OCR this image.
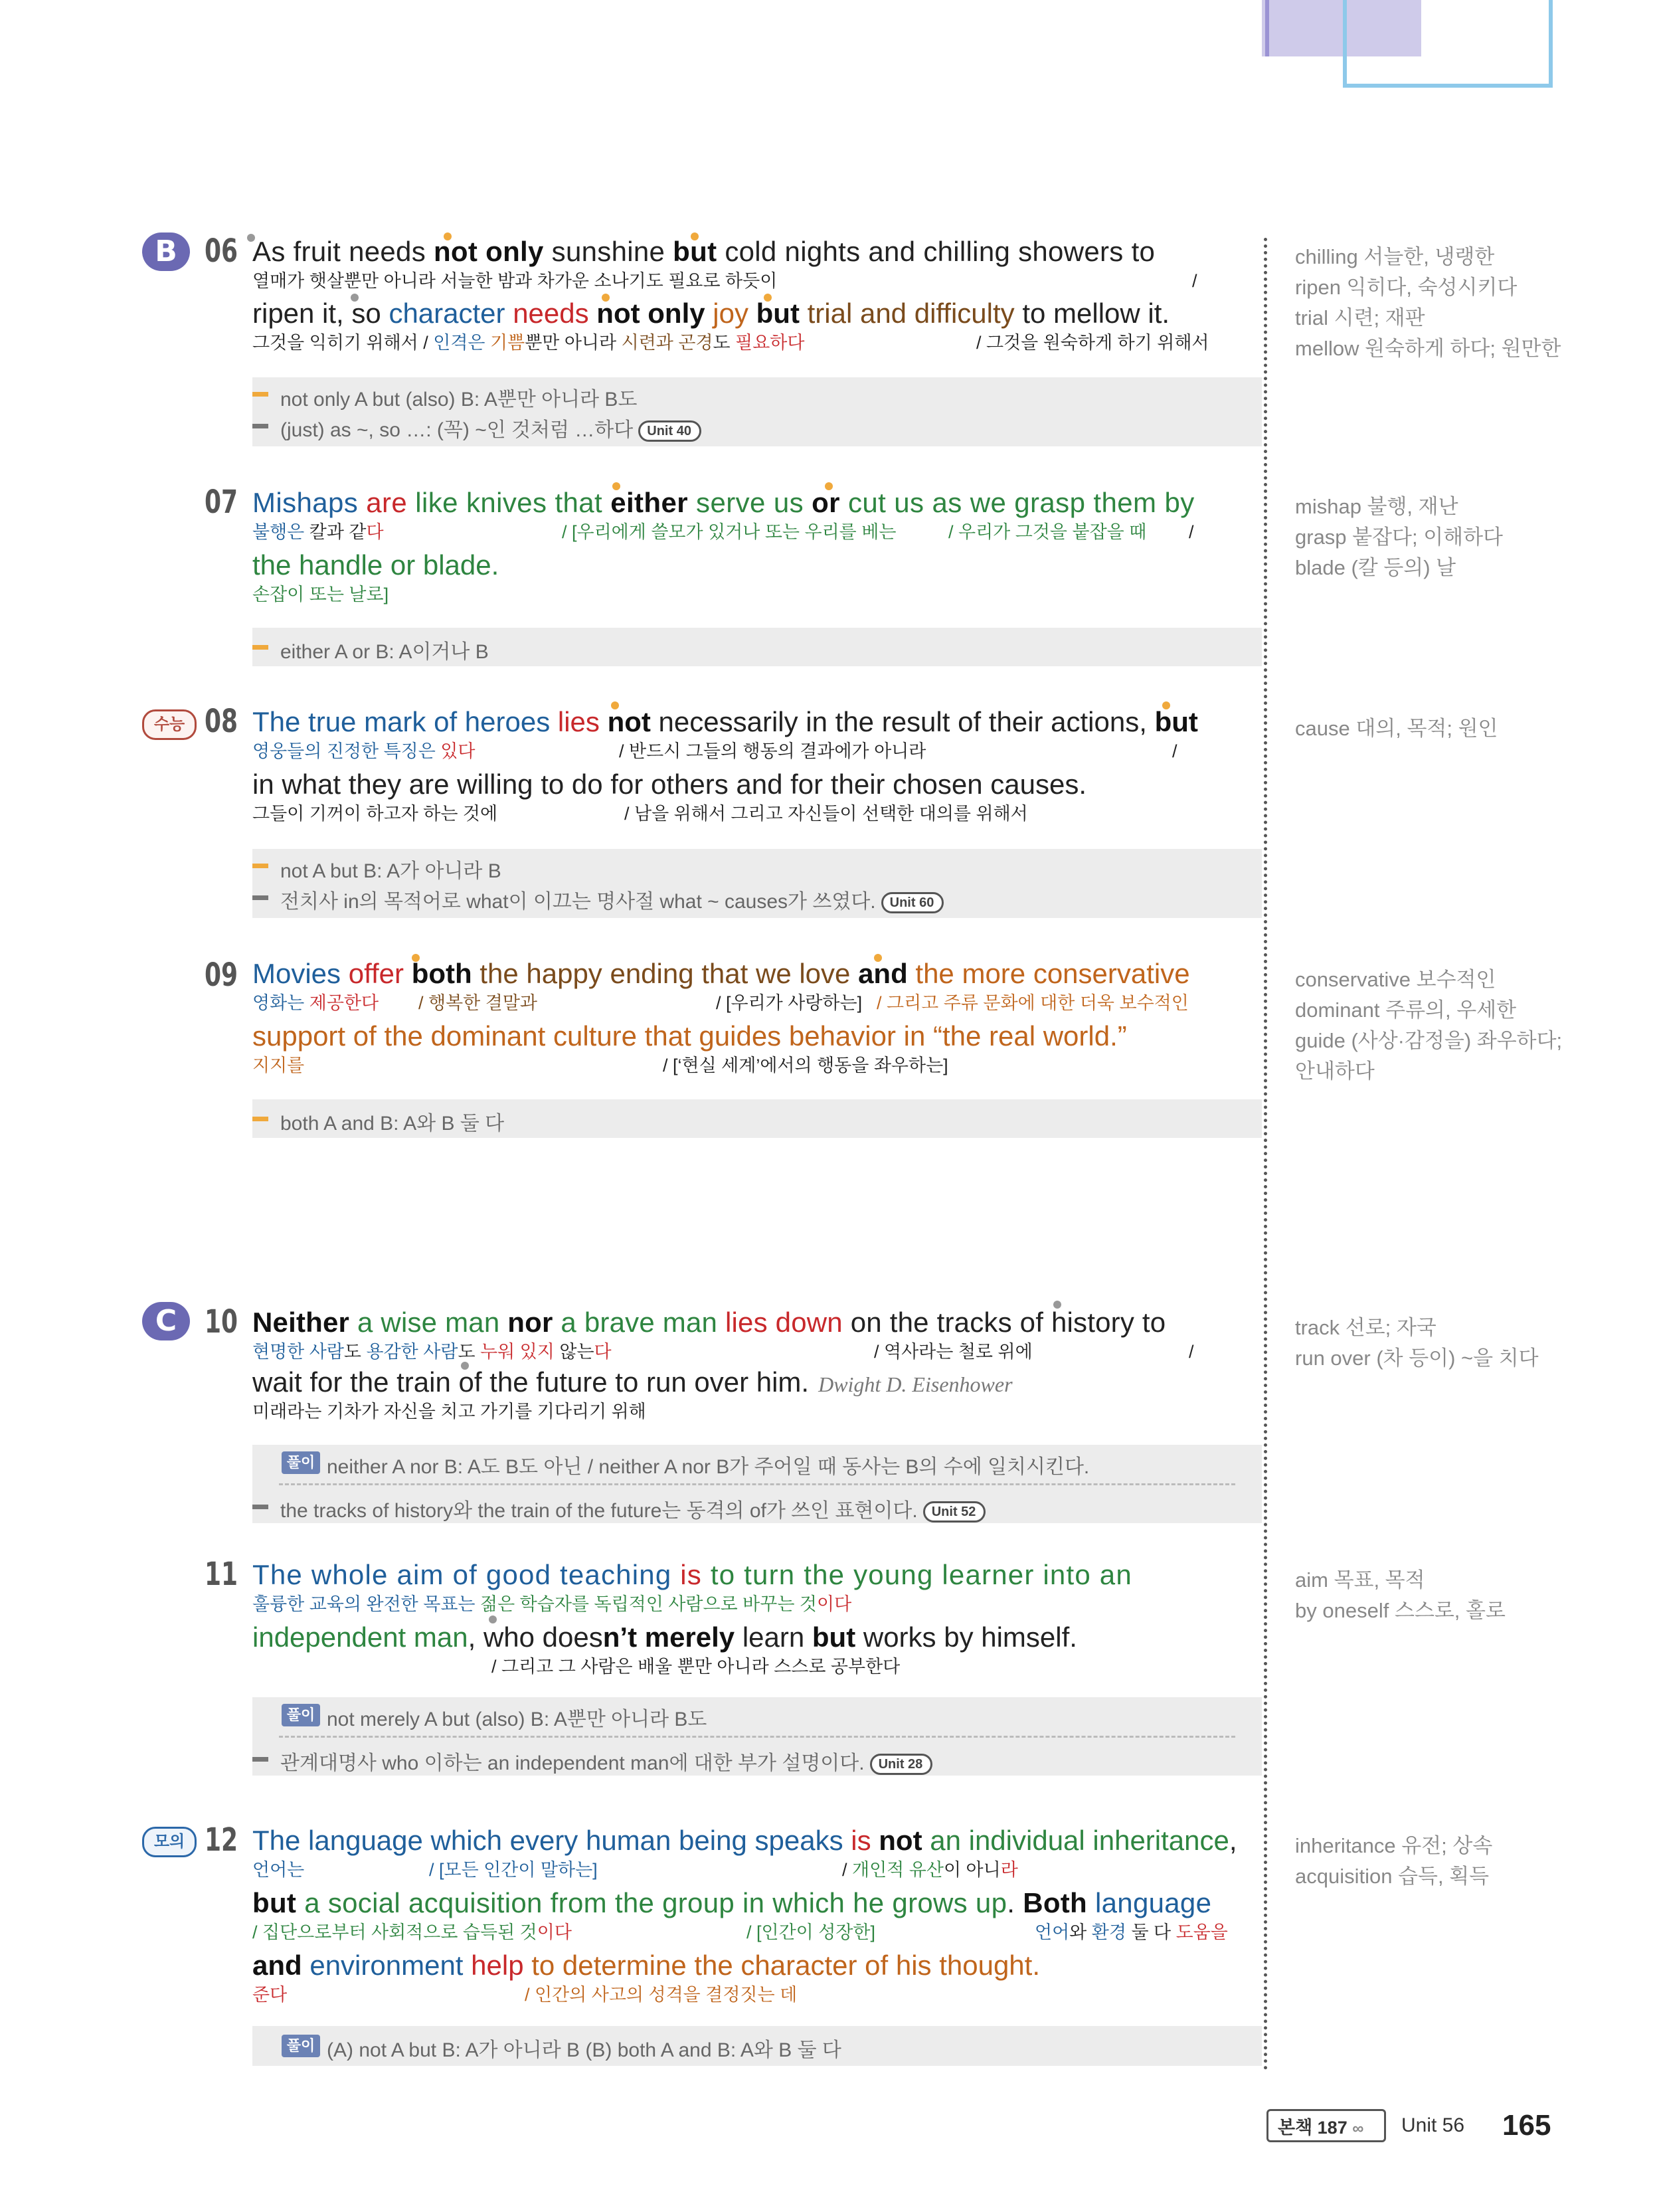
B 06 As fruit needs not only sunshine but cold nights and chilling showers to
열매가 햇살뿐만 아니라 서늘한 밤과 차가운 소나기도 필요로 하듯이	/
ripen it, so character needs not only joy but trial and difficulty to mellow it.
그것을 익히기 위해서 / 인격은 기쁨뿐만 아니라 시련과 곤경도 필요하다	/ 그것을 원숙하게 하기 위해서
not only A but (also) B: A뿐만 아니라 B도
(just) as ~, so …: (꼭) ~인 것처럼 …하다 Unit 40
chilling 서늘한, 냉랭한
ripen 익히다, 숙성시키다
trial 시련; 재판
mellow 원숙하게 하다; 원만한
07 Mishaps are like knives that either serve us or cut us as we grasp them by
불행은 칼과 같다	/ [우리에게 쓸모가 있거나 또는 우리를 베는	/ 우리가 그것을 붙잡을 때 /
the handle or blade.
손잡이 또는 날로]
either A or B: A이거나 B
mishap 불행, 재난
grasp 붙잡다; 이해하다
blade (칼 등의) 날
수능 08 The true mark of heroes lies not necessarily in the result of their actions, but
영웅들의 진정한 특징은 있다	/ 반드시 그들의 행동의 결과에가 아니라	/
in what they are willing to do for others and for their chosen causes.
그들이 기꺼이 하고자 하는 것에	/ 남을 위해서 그리고 자신들이 선택한 대의를 위해서
not A but B: A가 아니라 B
전치사 in의 목적어로 what이 이끄는 명사절 what ~ causes가 쓰였다. Unit 60
cause 대의, 목적; 원인
09 Movies offer both the happy ending that we love and the more conservative
영화는 제공한다 / 행복한 결말과	/ [우리가 사랑하는] / 그리고 주류 문화에 대한 더욱 보수적인
support of the dominant culture that guides behavior in “the real world.”
지지를	/ [‘현실 세계’에서의 행동을 좌우하는]
both A and B: A와 B 둘 다
conservative 보수적인
dominant 주류의, 우세한
guide (사상·감정을) 좌우하다;
안내하다
C 10 Neither a wise man nor a brave man lies down on the tracks of history to
현명한 사람도 용감한 사람도 누워 있지 않는다	/ 역사라는 철로 위에	/
wait for the train of the future to run over him. Dwight D. Eisenhower
미래라는 기차가 자신을 치고 가기를 기다리기 위해
풀이 neither A nor B: A도 B도 아닌 / neither A nor B가 주어일 때 동사는 B의 수에 일치시킨다.
the tracks of history와 the train of the future는 동격의 of가 쓰인 표현이다. Unit 52
track 선로; 자국
run over (차 등이) ~을 치다
11 The whole aim of good teaching is to turn the young learner into an
훌륭한 교육의 완전한 목표는 젊은 학습자를 독립적인 사람으로 바꾸는 것이다
independent man, who doesn’t merely learn but works by himself.
/ 그리고 그 사람은 배울 뿐만 아니라 스스로 공부한다
풀이 not merely A but (also) B: A뿐만 아니라 B도
관계대명사 who 이하는 an independent man에 대한 부가 설명이다. Unit 28
aim 목표, 목적
by oneself 스스로, 홀로
모의 12 The language which every human being speaks is not an individual inheritance,
언어는	/ [모든 인간이 말하는]	/ 개인적 유산이 아니라
but a social acquisition from the group in which he grows up. Both language
/ 집단으로부터 사회적으로 습득된 것이다	/ [인간이 성장한]	언어와 환경 둘 다 도움을
and environment help to determine the character of his thought.
준다	/ 인간의 사고의 성격을 결정짓는 데
풀이 (A) not A but B: A가 아니라 B (B) both A and B: A와 B 둘 다
inheritance 유전; 상속
acquisition 습득, 획득
본책 187 ∞	Unit 56 165
